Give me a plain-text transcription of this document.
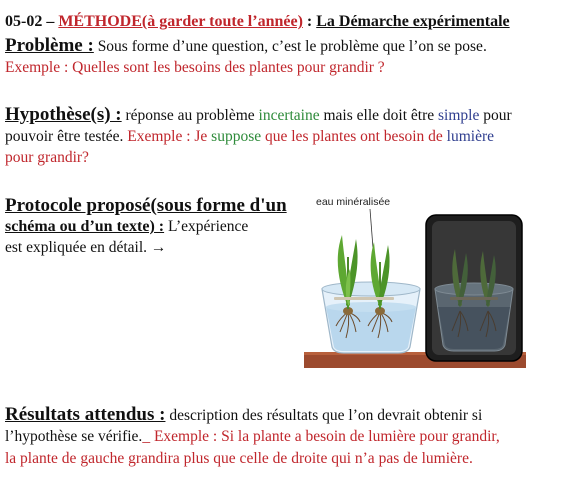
05-02 – MÉTHODE(à garder toute l’année) : La Démarche expérimentale
Problème : Sous forme d’une question, c’est le problème que l’on se pose.
Exemple : Quelles sont les besoins des plantes pour grandir ?
Hypothèse(s) : réponse au problème incertaine mais elle doit être simple pour
pouvoir être testée. Exemple : Je suppose que les plantes ont besoin de lumière
pour grandir?
Protocole proposé(sous forme d'un
schéma ou d’un texte) : L’expérience
est expliquée en détail. →
eau minéralisée
Résultats attendus : description des résultats que l’on devrait obtenir si
l’hypothèse se vérifie._ Exemple : Si la plante a besoin de lumière pour grandir,
la plante de gauche grandira plus que celle de droite qui n’a pas de lumière.
